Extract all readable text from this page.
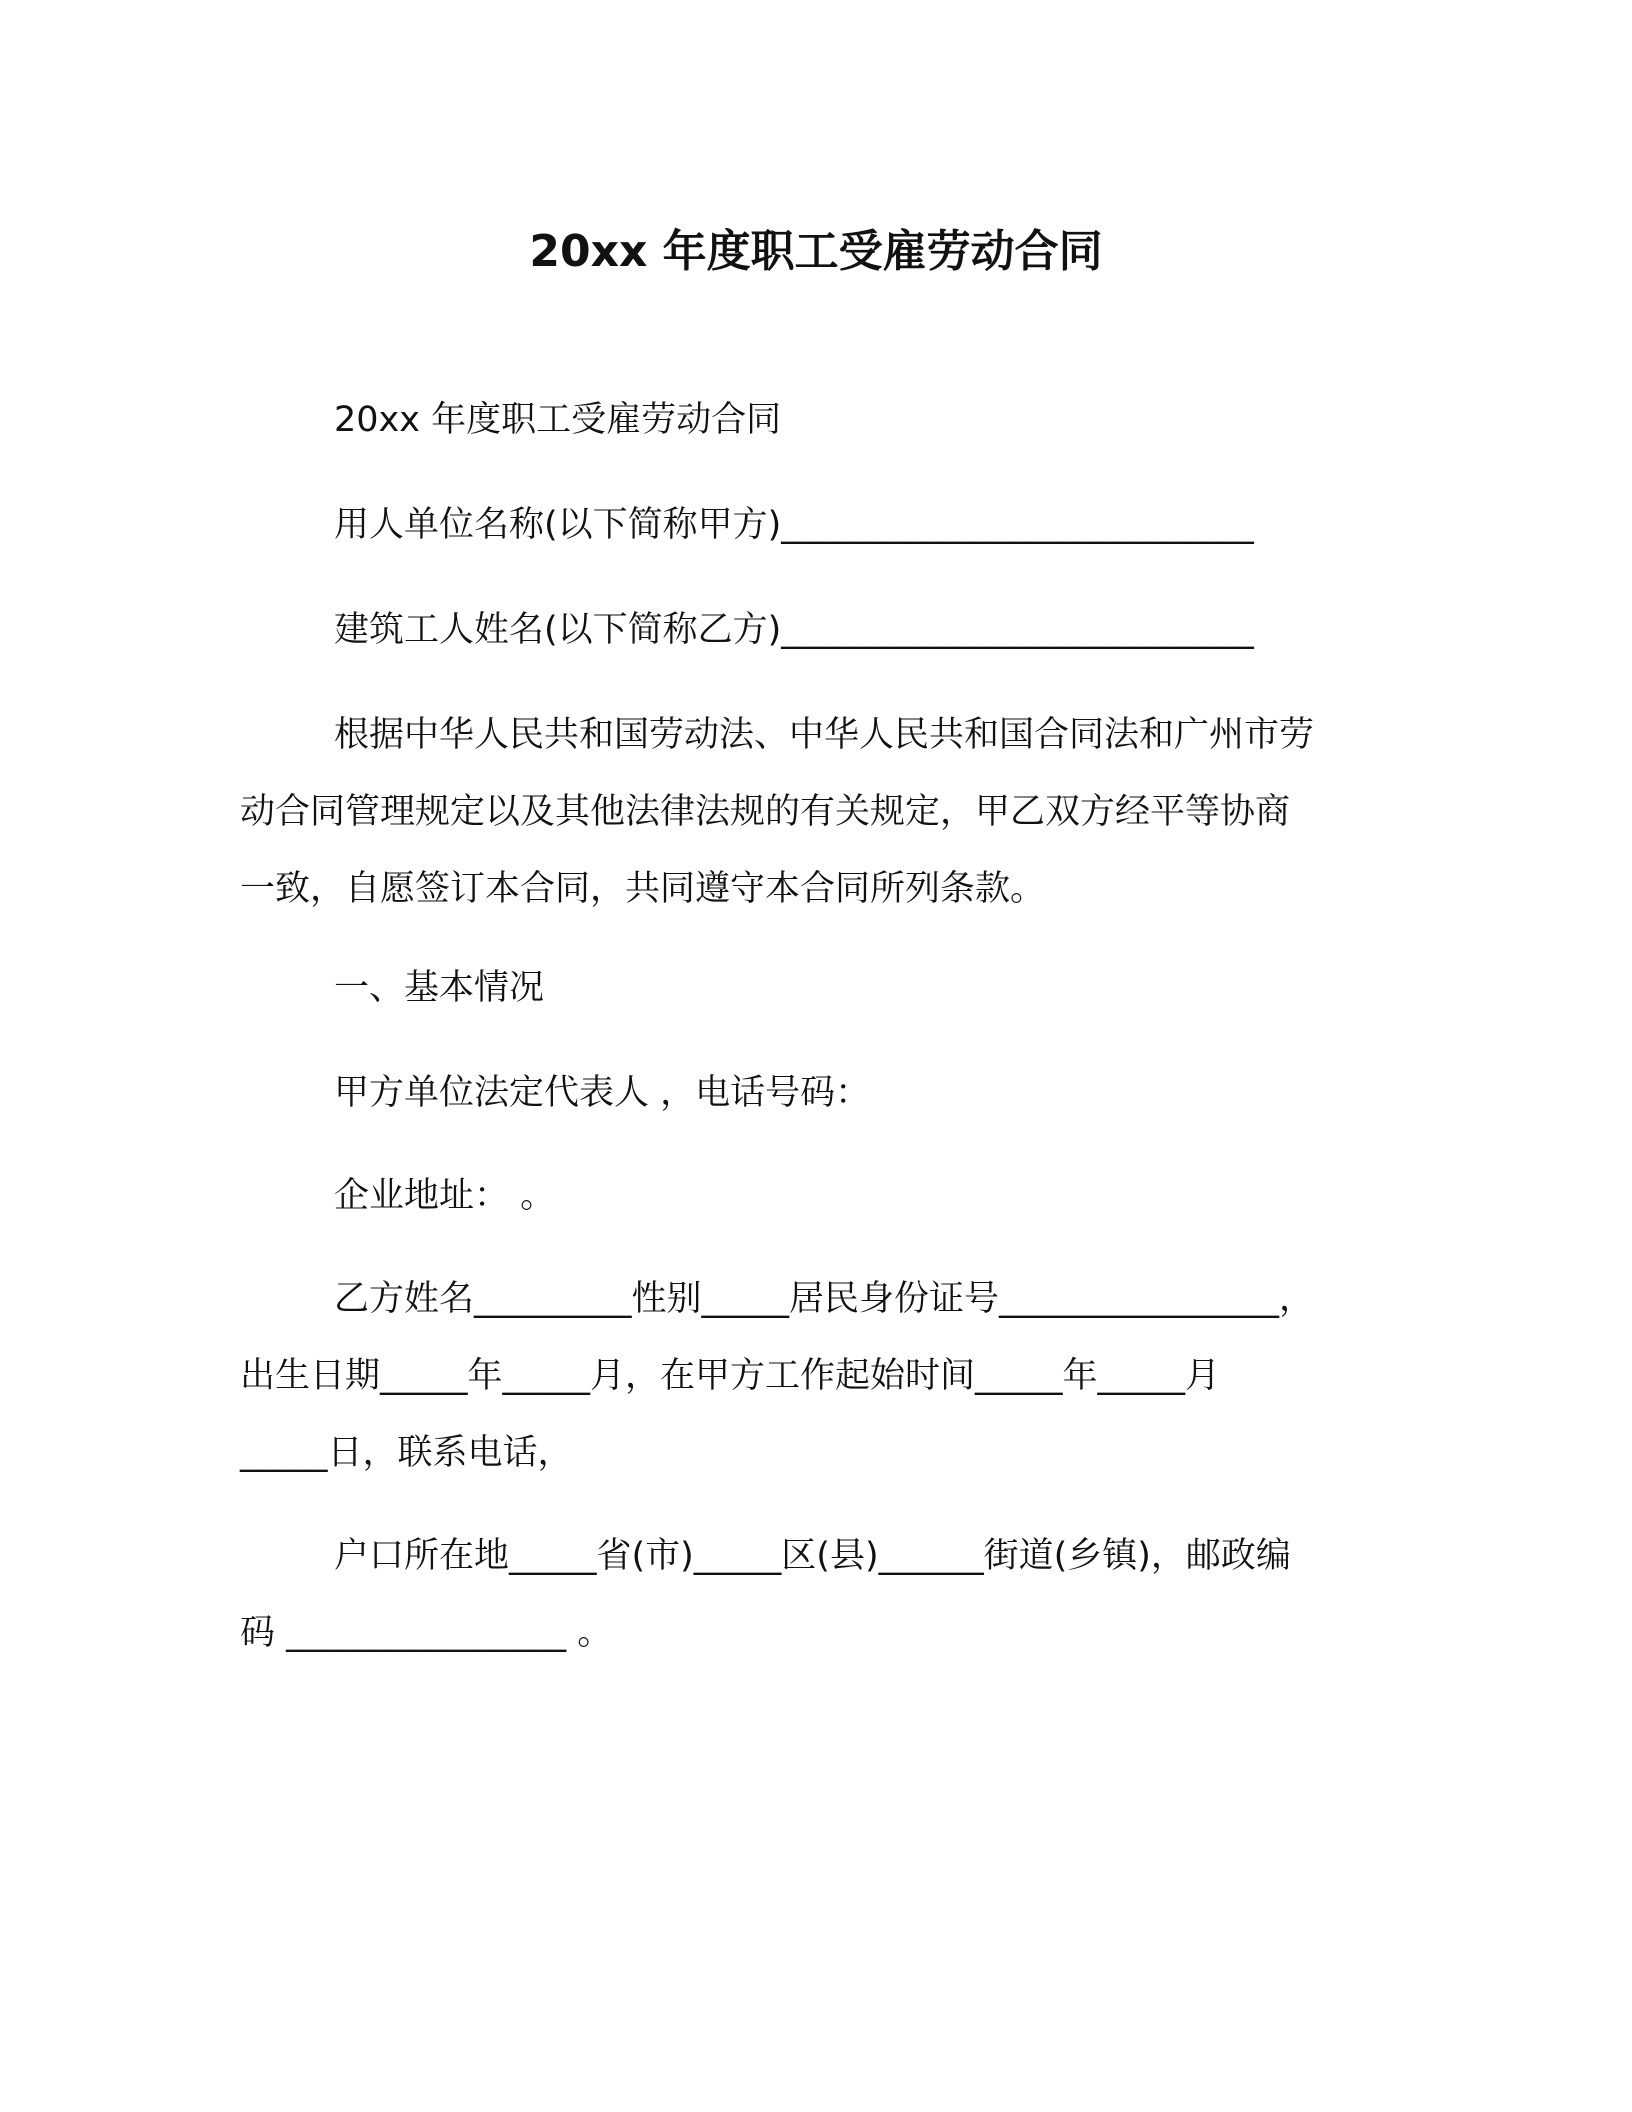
20xx 年度职工受雇劳动合同
20xx 年度职工受雇劳动合同
用人单位名称(以下简称甲方)___________________________
建筑工人姓名(以下简称乙方)___________________________
根据中华人民共和国劳动法、中华人民共和国合同法和广州市劳
动合同管理规定以及其他法律法规的有关规定，甲乙双方经平等协商
一致，自愿签订本合同，共同遵守本合同所列条款。
一、基本情况
甲方单位法定代表人 ，电话号码：
企业地址： 。
乙方姓名_________性别_____居民身份证号________________，
出生日期_____年_____月，在甲方工作起始时间_____年_____月
_____日，联系电话，
户口所在地_____省(市)_____区(县)______街道(乡镇)，邮政编
码 ________________ 。
